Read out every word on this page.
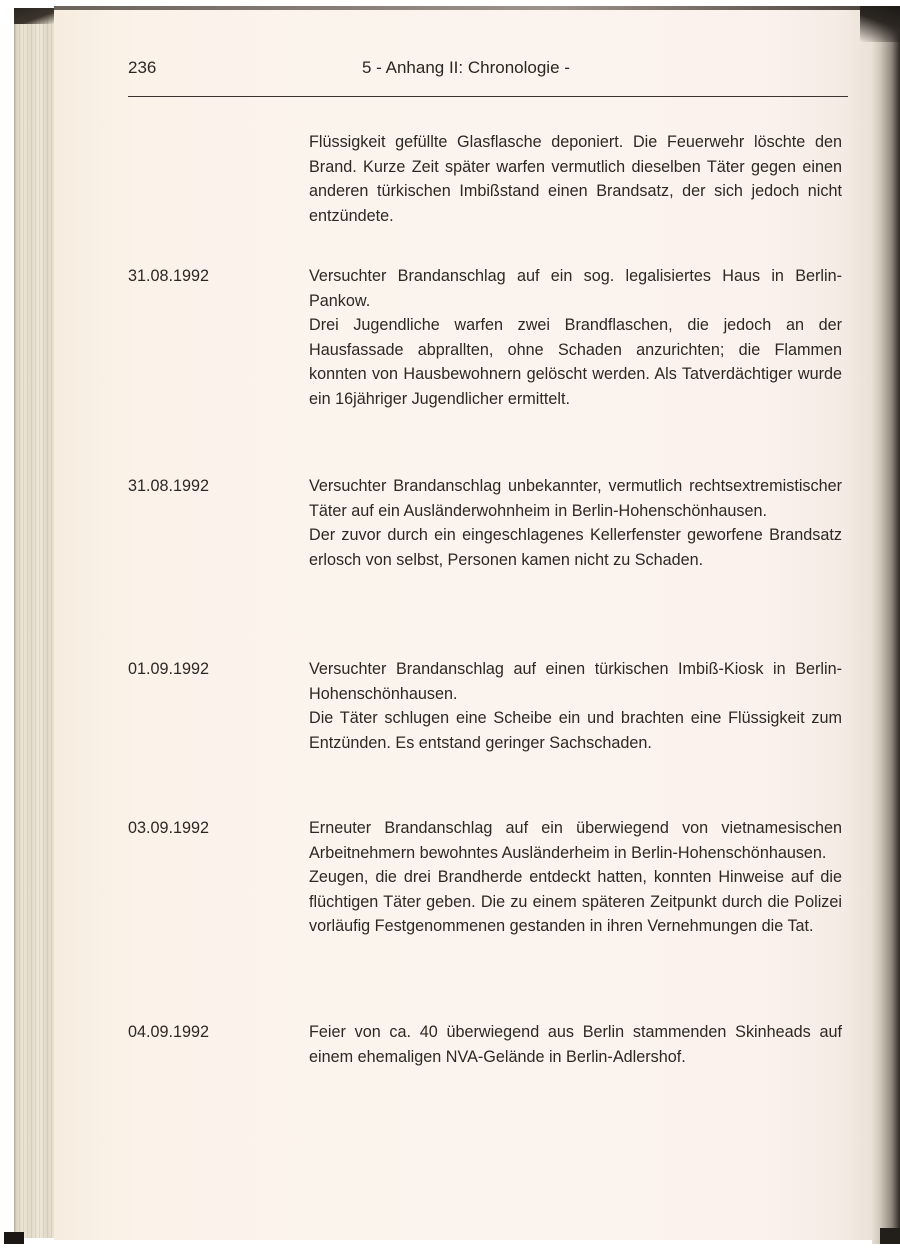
236	5 - Anhang II: Chronologie -

Flüssigkeit gefüllte Glasflasche deponiert. Die Feuerwehr löschte den Brand. Kurze Zeit später warfen vermutlich dieselben Täter gegen einen anderen türkischen Imbißstand einen Brandsatz, der sich jedoch nicht entzündete.

31.08.1992	Versuchter Brandanschlag auf ein sog. legalisiertes Haus in Berlin-Pankow.

Drei Jugendliche warfen zwei Brandflaschen, die jedoch an der Hausfassade abprallten, ohne Schaden anzurichten; die Flammen konnten von Hausbewohnern gelöscht werden. Als Tatverdächtiger wurde ein 16jähriger Jugendlicher ermittelt.

31.08.1992	Versuchter Brandanschlag unbekannter, vermutlich rechtsextremistischer Täter auf ein Ausländerwohnheim in Berlin-Hohenschönhausen.

Der zuvor durch ein eingeschlagenes Kellerfenster geworfene Brandsatz erlosch von selbst, Personen kamen nicht zu Schaden.

01.09.1992	Versuchter Brandanschlag auf einen türkischen Imbiß-Kiosk in Berlin-Hohenschönhausen.

Die Täter schlugen eine Scheibe ein und brachten eine Flüssigkeit zum Entzünden. Es entstand geringer Sachschaden.

03.09.1992	Erneuter Brandanschlag auf ein überwiegend von vietnamesischen Arbeitnehmern bewohntes Ausländerheim in Berlin-Hohenschönhausen.

Zeugen, die drei Brandherde entdeckt hatten, konnten Hinweise auf die flüchtigen Täter geben. Die zu einem späteren Zeitpunkt durch die Polizei vorläufig Festgenommenen gestanden in ihren Vernehmungen die Tat.

04.09.1992	Feier von ca. 40 überwiegend aus Berlin stammenden Skinheads auf einem ehemaligen NVA-Gelände in Berlin-Adlershof.
